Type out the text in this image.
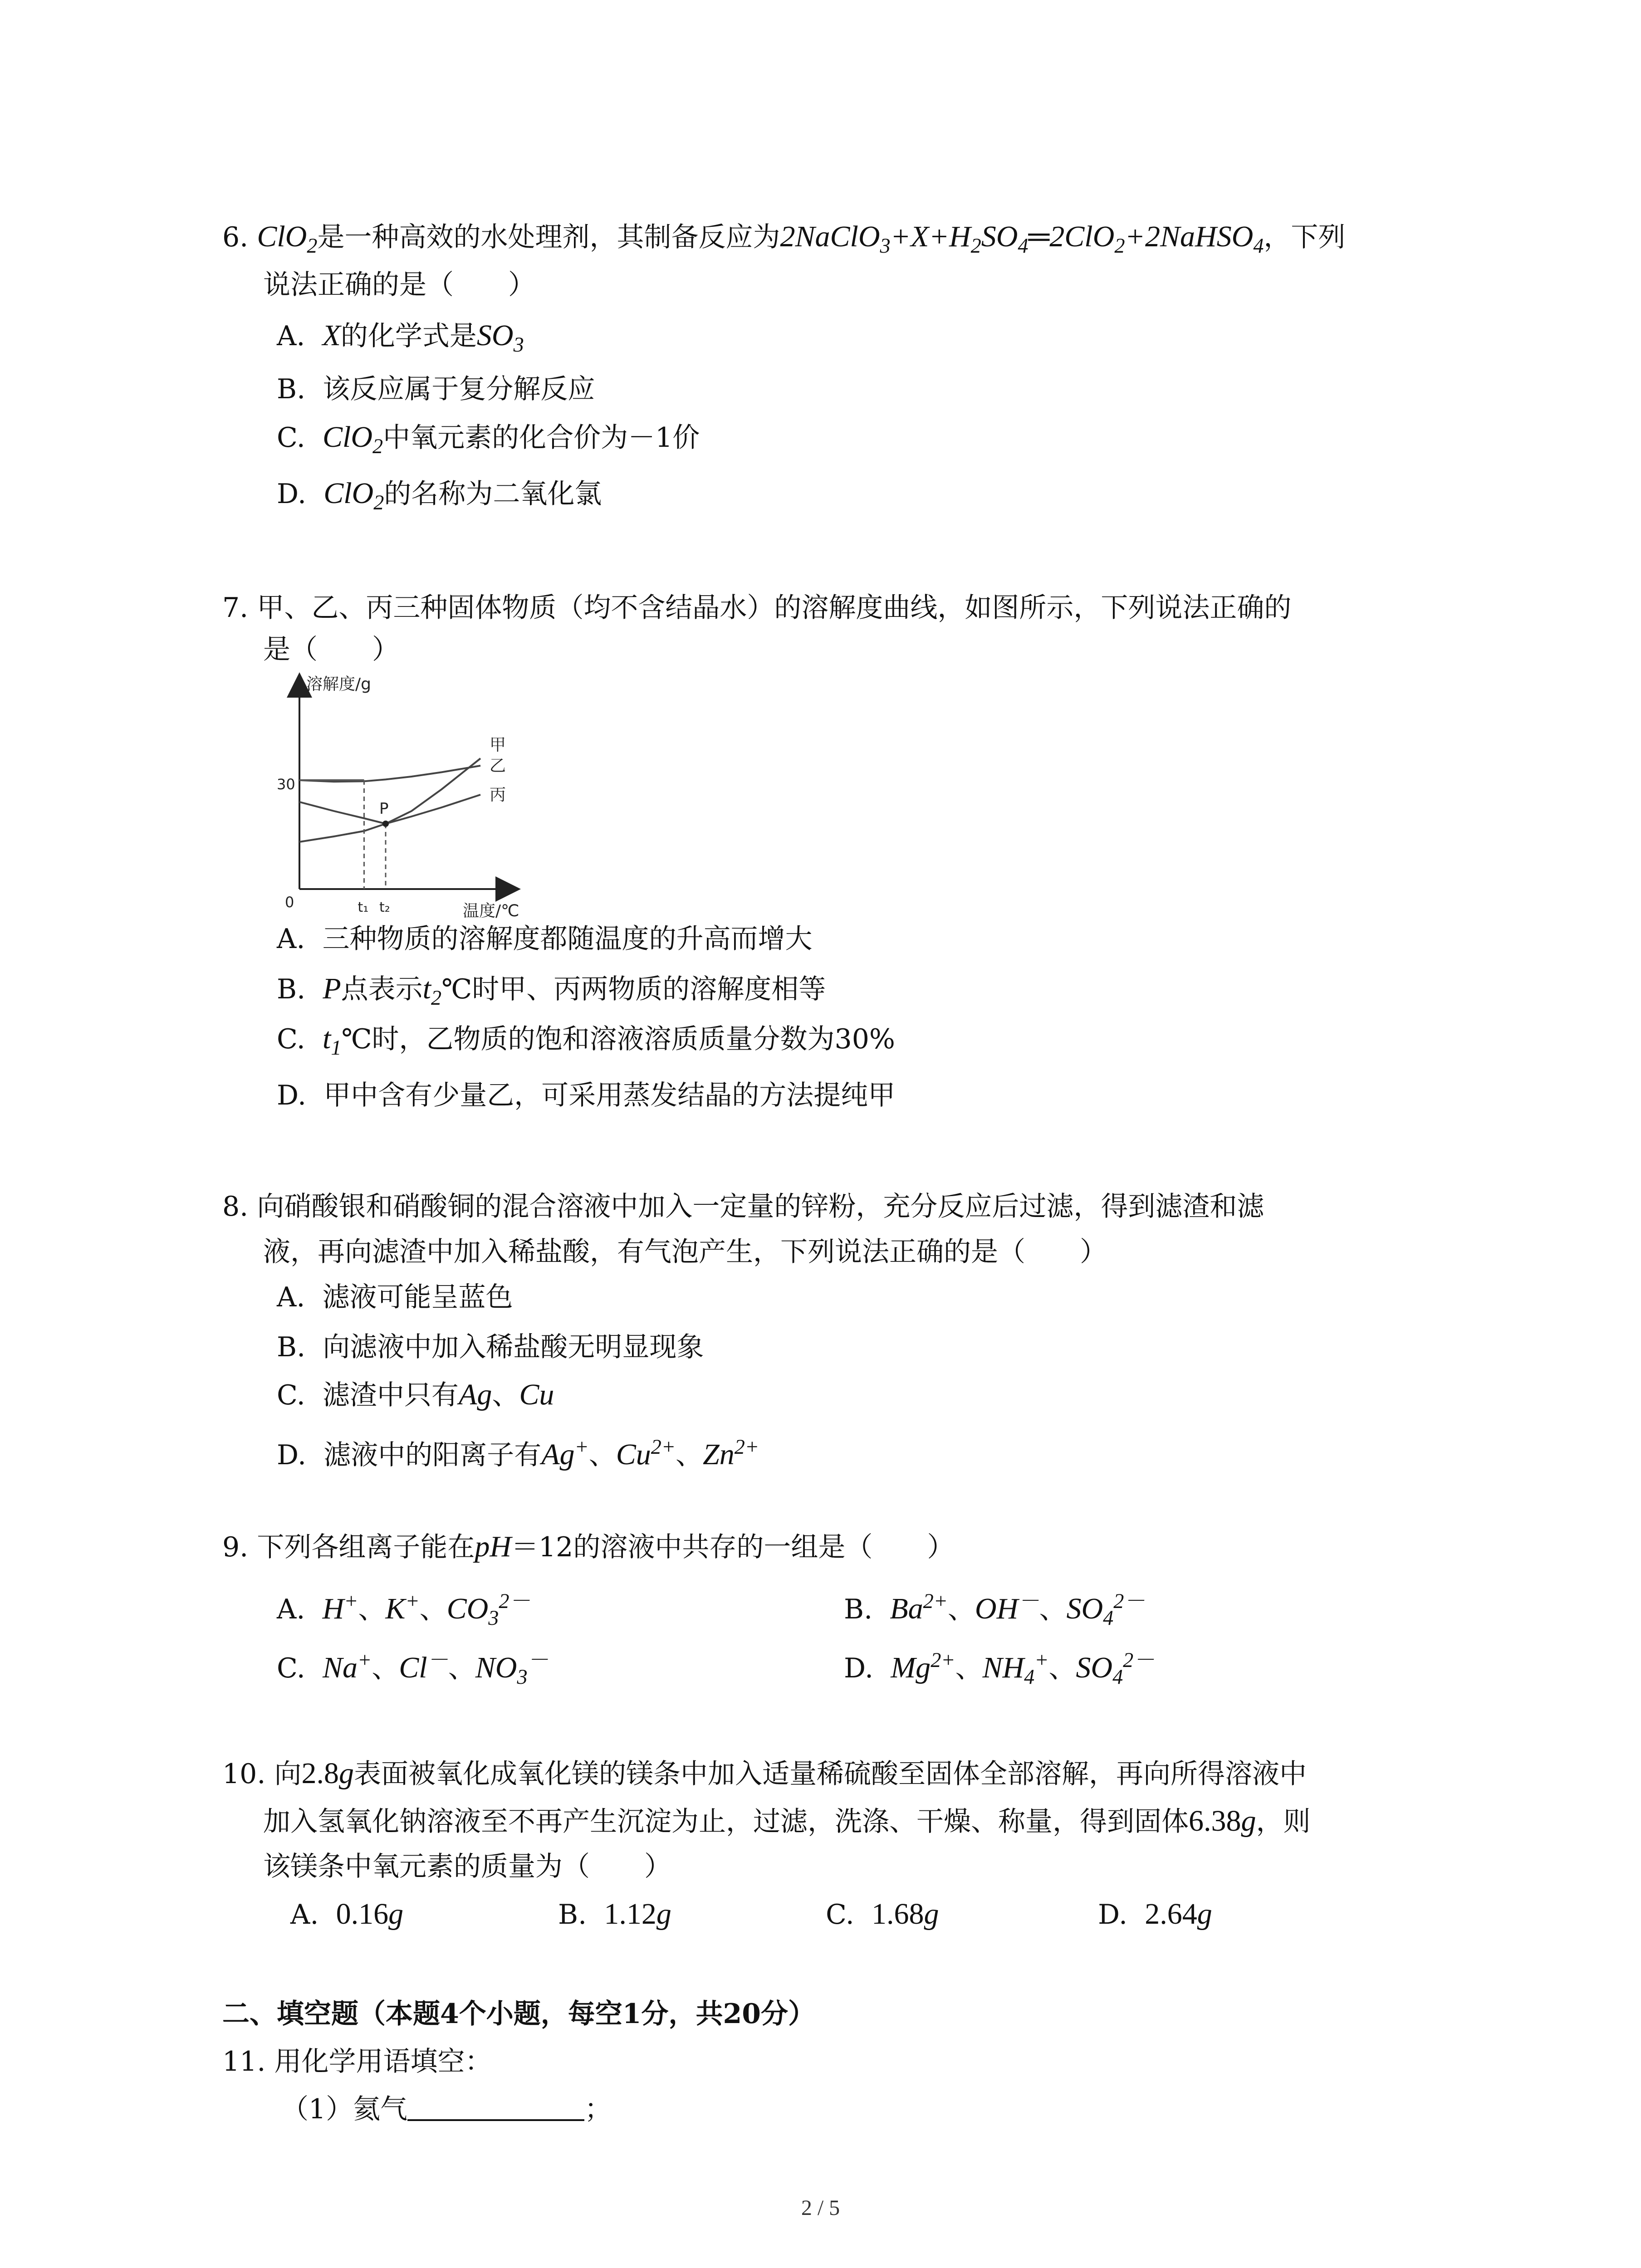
6. ClO$_2$是一种高效的水处理剂，其制备反应为$2NaClO_3+X+H_2SO_4═2ClO_2+2NaHSO_4$，下列
说法正确的是（　　）
A. X的化学式是$SO_3$
B. 该反应属于复分解反应
C. ClO$_2$中氧元素的化合价为－1价
D. ClO$_2$的名称为二氧化氯
7. 甲、乙、丙三种固体物质（均不含结晶水）的溶解度曲线，如图所示，下列说法正确的
是（　　）
溶解度/g
温度/℃
0
30
t₁ t₂
甲
乙
丙
P
A. 三种物质的溶解度都随温度的升高而增大
B. P点表示$t_2℃$时甲、丙两物质的溶解度相等
C. $t_1℃$时，乙物质的饱和溶液溶质质量分数为30%
D. 甲中含有少量乙，可采用蒸发结晶的方法提纯甲
8. 向硝酸银和硝酸铜的混合溶液中加入一定量的锌粉，充分反应后过滤，得到滤渣和滤
液，再向滤渣中加入稀盐酸，有气泡产生，下列说法正确的是（　　）
A. 滤液可能呈蓝色
B. 向滤液中加入稀盐酸无明显现象
C. 滤渣中只有Ag、Cu
D. 滤液中的阳离子有Ag+、$Cu^{2+}$、$Zn^{2+}$
9. 下列各组离子能在pH＝12的溶液中共存的一组是（　　）
A. H+、K+、$CO_3^{2-}$	B. $Ba^{2+}$、OH－、$SO_4^{2-}$
C. Na+、Cl－、$NO_3^-$	D. $Mg^{2+}$、$NH_4^+$、$SO_4^{2-}$
10. 向2.8g表面被氧化成氧化镁的镁条中加入适量稀硫酸至固体全部溶解，再向所得溶液中
加入氢氧化钠溶液至不再产生沉淀为止，过滤，洗涤、干燥、称量，得到固体6.38g，则
该镁条中氧元素的质量为（　　）
A. 0.16g	B. 1.12g	C. 1.68g	D. 2.64g
二、填空题（本题4个小题，每空1分，共20分）
11. 用化学用语填空：
（1）氦气	；
2 / 5
